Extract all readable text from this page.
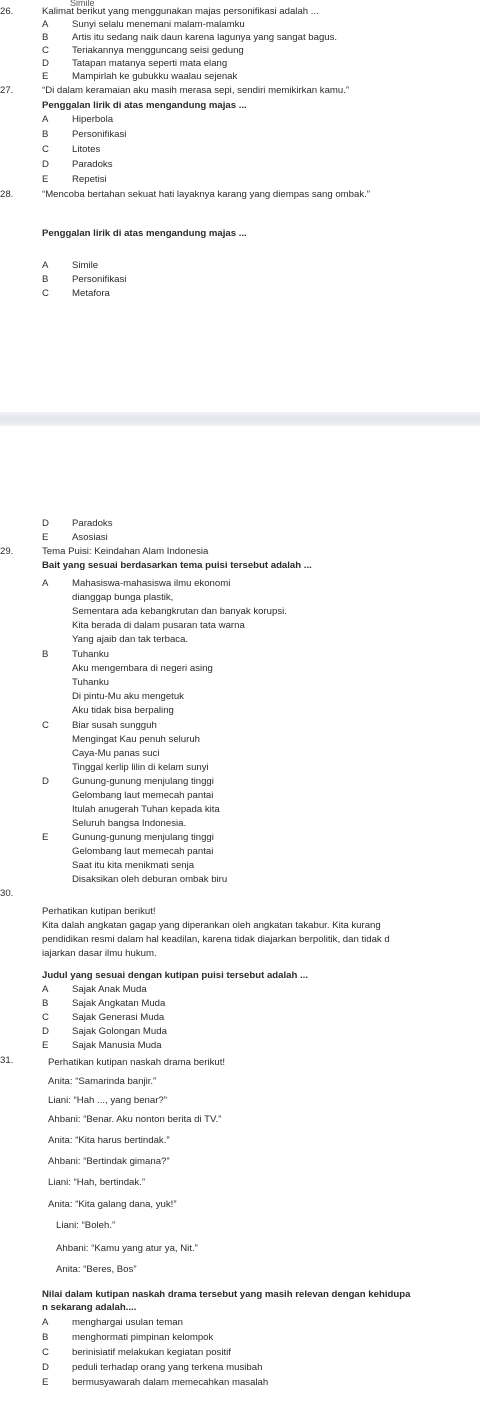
Simile
26.	Kalimat berikut yang menggunakan majas personifikasi adalah ...
A Sunyi selalu menemani malam-malamku
B Artis itu sedang naik daun karena lagunya yang sangat bagus.
C Teriakannya mengguncang seisi gedung
D Tatapan matanya seperti mata elang
E Mampirlah ke gubukku waalau sejenak
27.	“Di dalam keramaian aku masih merasa sepi, sendiri memikirkan kamu.”
Penggalan lirik di atas mengandung majas ...
A Hiperbola
B Personifikasi
C Litotes
D Paradoks
E Repetisi
28.	“Mencoba bertahan sekuat hati layaknya karang yang diempas sang ombak.”
Penggalan lirik di atas mengandung majas ...
A Simile
B Personifikasi
C Metafora
D Paradoks
E Asosiasi
29.	Tema Puisi: Keindahan Alam Indonesia
Bait yang sesuai berdasarkan tema puisi tersebut adalah ...
A Mahasiswa-mahasiswa ilmu ekonomi
dianggap bunga plastik,
Sementara ada kebangkrutan dan banyak korupsi.
Kita berada di dalam pusaran tata warna
Yang ajaib dan tak terbaca.
B Tuhanku
Aku mengembara di negeri asing
Tuhanku
Di pintu-Mu aku mengetuk
Aku tidak bisa berpaling
C Biar susah sungguh
Mengingat Kau penuh seluruh
Caya-Mu panas suci
Tinggal kerlip lilin di kelam sunyi
D Gunung-gunung menjulang tinggi
Gelombang laut memecah pantai
Itulah anugerah Tuhan kepada kita
Seluruh bangsa Indonesia.
E Gunung-gunung menjulang tinggi
Gelombang laut memecah pantai
Saat itu kita menikmati senja
Disaksikan oleh deburan ombak biru
30.
Perhatikan kutipan berikut!
Kita dalah angkatan gagap yang diperankan oleh angkatan takabur. Kita kurang
pendidikan resmi dalam hal keadilan, karena tidak diajarkan berpolitik, dan tidak d
iajarkan dasar ilmu hukum.
Judul yang sesuai dengan kutipan puisi tersebut adalah ...
A Sajak Anak Muda
B Sajak Angkatan Muda
C Sajak Generasi Muda
D Sajak Golongan Muda
E Sajak Manusia Muda
31.	Perhatikan kutipan naskah drama berikut!
Anita: “Samarinda banjir.”
Liani: “Hah ..., yang benar?”
Ahbani: “Benar. Aku nonton berita di TV.”
Anita: “Kita harus bertindak.”
Ahbani: “Bertindak gimana?”
Liani: “Hah, bertindak.”
Anita: “Kita galang dana, yuk!”
Liani: “Boleh.”
Ahbani: “Kamu yang atur ya, Nit.”
Anita: “Beres, Bos”
Nilai dalam kutipan naskah drama tersebut yang masih relevan dengan kehidupa
n sekarang adalah....
A menghargai usulan teman
B menghormati pimpinan kelompok
C berinisiatif melakukan kegiatan positif
D peduli terhadap orang yang terkena musibah
E bermusyawarah dalam memecahkan masalah
